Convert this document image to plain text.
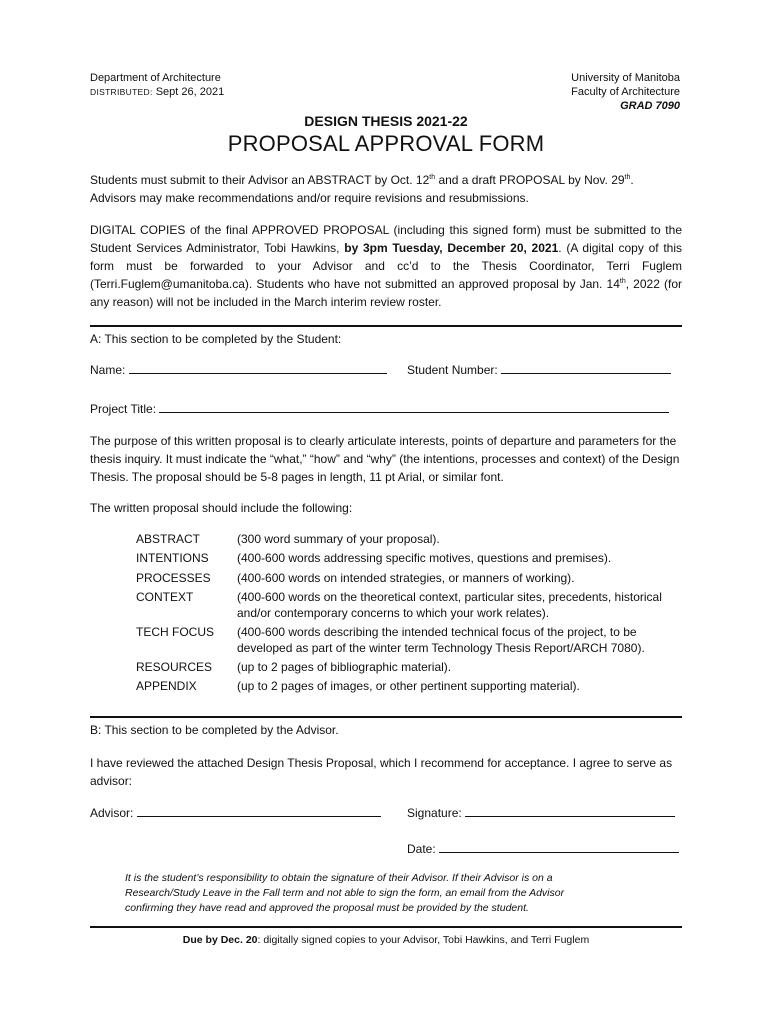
Department of Architecture
DISTRIBUTED: Sept 26, 2021
University of Manitoba
Faculty of Architecture
GRAD 7090
DESIGN THESIS 2021-22
PROPOSAL APPROVAL FORM
Students must submit to their Advisor an ABSTRACT by Oct. 12th and a draft PROPOSAL by Nov. 29th.
Advisors may make recommendations and/or require revisions and resubmissions.
DIGITAL COPIES of the final APPROVED PROPOSAL (including this signed form) must be submitted to the Student Services Administrator, Tobi Hawkins, by 3pm Tuesday, December 20, 2021. (A digital copy of this form must be forwarded to your Advisor and cc’d to the Thesis Coordinator, Terri Fuglem (Terri.Fuglem@umanitoba.ca). Students who have not submitted an approved proposal by Jan. 14th, 2022 (for any reason) will not be included in the March interim review roster.
A: This section to be completed by the Student:
Name:	Student Number:
Project Title:
The purpose of this written proposal is to clearly articulate interests, points of departure and parameters for the thesis inquiry. It must indicate the “what,” “how” and “why” (the intentions, processes and context) of the Design Thesis. The proposal should be 5-8 pages in length, 11 pt Arial, or similar font.
The written proposal should include the following:
ABSTRACT	(300 word summary of your proposal).
INTENTIONS	(400-600 words addressing specific motives, questions and premises).
PROCESSES	(400-600 words on intended strategies, or manners of working).
CONTEXT	(400-600 words on the theoretical context, particular sites, precedents, historical and/or contemporary concerns to which your work relates).
TECH FOCUS	(400-600 words describing the intended technical focus of the project, to be developed as part of the winter term Technology Thesis Report/ARCH 7080).
RESOURCES	(up to 2 pages of bibliographic material).
APPENDIX	(up to 2 pages of images, or other pertinent supporting material).
B: This section to be completed by the Advisor.
I have reviewed the attached Design Thesis Proposal, which I recommend for acceptance. I agree to serve as advisor:
Advisor:	Signature:
Date:
It is the student’s responsibility to obtain the signature of their Advisor. If their Advisor is on a Research/Study Leave in the Fall term and not able to sign the form, an email from the Advisor confirming they have read and approved the proposal must be provided by the student.
Due by Dec. 20: digitally signed copies to your Advisor, Tobi Hawkins, and Terri Fuglem
